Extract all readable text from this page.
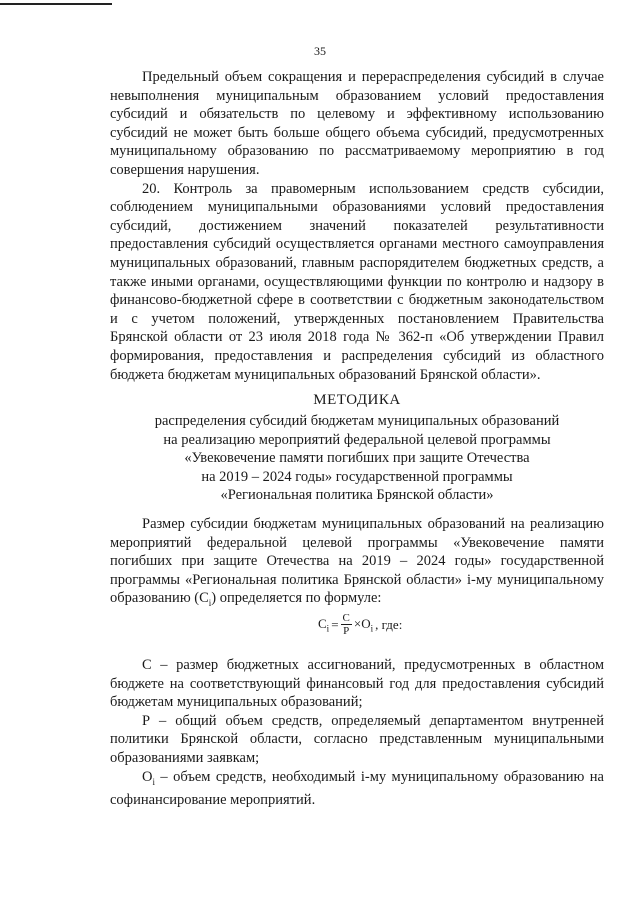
35

Предельный объем сокращения и перераспределения субсидий в случае невыполнения муниципальным образованием условий предоставления субсидий и обязательств по целевому и эффективному использованию субсидий не может быть больше общего объема субсидий, предусмотренных муниципальному образованию по рассматриваемому мероприятию в год совершения нарушения.

20. Контроль за правомерным использованием средств субсидии, соблюдением муниципальными образованиями условий предоставления субсидий, достижением значений показателей результативности предоставления субсидий осуществляется органами местного самоуправления муниципальных образований, главным распорядителем бюджетных средств, а также иными органами, осуществляющими функции по контролю и надзору в финансово-бюджетной сфере в соответствии с бюджетным законодательством и с учетом положений, утвержденных постановлением Правительства Брянской области от 23 июля 2018 года № 362-п «Об утверждении Правил формирования, предоставления и распределения субсидий из областного бюджета бюджетам муниципальных образований Брянской области».

МЕТОДИКА
распределения субсидий бюджетам муниципальных образований
на реализацию мероприятий федеральной целевой программы
«Увековечение памяти погибших при защите Отечества
на 2019 – 2024 годы» государственной программы
«Региональная политика Брянской области»

Размер субсидии бюджетам муниципальных образований на реализацию мероприятий федеральной целевой программы «Увековечение памяти погибших при защите Отечества на 2019 – 2024 годы» государственной программы «Региональная политика Брянской области» i-му муниципальному образованию $(C_i)$ определяется по формуле:

$C_i = \frac{C}{P} \times O_i$ , где:

С – размер бюджетных ассигнований, предусмотренных в областном бюджете на соответствующий финансовый год для предоставления субсидий бюджетам муниципальных образований;

Р – общий объем средств, определяемый департаментом внутренней политики Брянской области, согласно представленным муниципальными образованиями заявкам;

$O_i$ – объем средств, необходимый i-му муниципальному образованию на софинансирование мероприятий.
